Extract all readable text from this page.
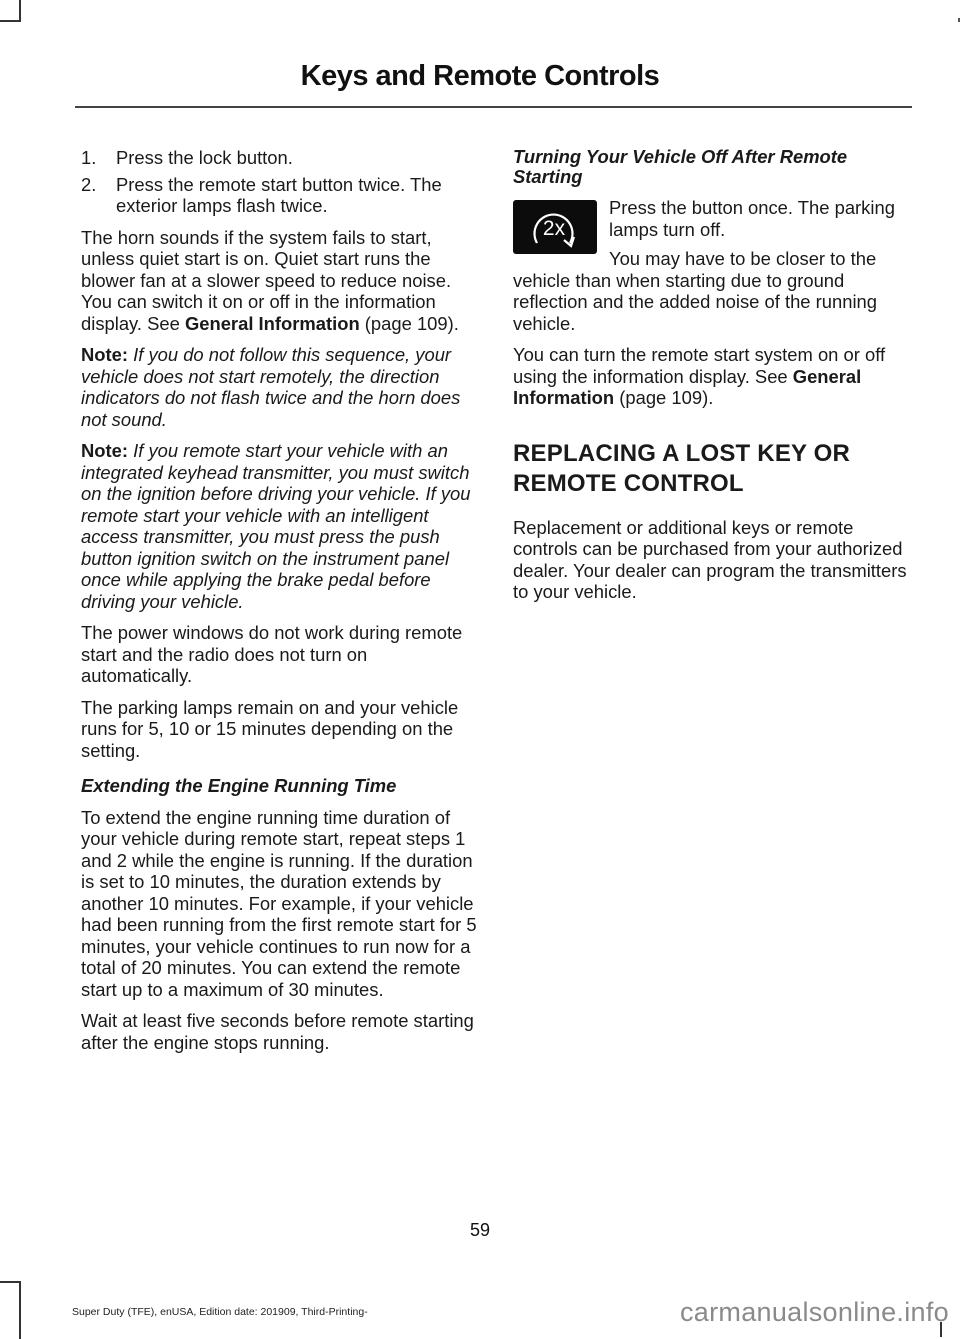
Keys and Remote Controls
1. Press the lock button.
2. Press the remote start button twice. The exterior lamps flash twice.

The horn sounds if the system fails to start, unless quiet start is on. Quiet start runs the blower fan at a slower speed to reduce noise. You can switch it on or off in the information display. See General Information (page 109).

Note: If you do not follow this sequence, your vehicle does not start remotely, the direction indicators do not flash twice and the horn does not sound.

Note: If you remote start your vehicle with an integrated keyhead transmitter, you must switch on the ignition before driving your vehicle. If you remote start your vehicle with an intelligent access transmitter, you must press the push button ignition switch on the instrument panel once while applying the brake pedal before driving your vehicle.

The power windows do not work during remote start and the radio does not turn on automatically.

The parking lamps remain on and your vehicle runs for 5, 10 or 15 minutes depending on the setting.

Extending the Engine Running Time

To extend the engine running time duration of your vehicle during remote start, repeat steps 1 and 2 while the engine is running. If the duration is set to 10 minutes, the duration extends by another 10 minutes. For example, if your vehicle had been running from the first remote start for 5 minutes, your vehicle continues to run now for a total of 20 minutes. You can extend the remote start up to a maximum of 30 minutes.

Wait at least five seconds before remote starting after the engine stops running.

Turning Your Vehicle Off After Remote Starting
2x

Press the button once. The parking lamps turn off.

You may have to be closer to the vehicle than when starting due to ground reflection and the added noise of the running vehicle.

You can turn the remote start system on or off using the information display. See General Information (page 109).

REPLACING A LOST KEY OR
REMOTE CONTROL

Replacement or additional keys or remote controls can be purchased from your authorized dealer. Your dealer can program the transmitters to your vehicle.

59
Super Duty (TFE), enUSA, Edition date: 201909, Third-Printing-	carmanualsonline.info
